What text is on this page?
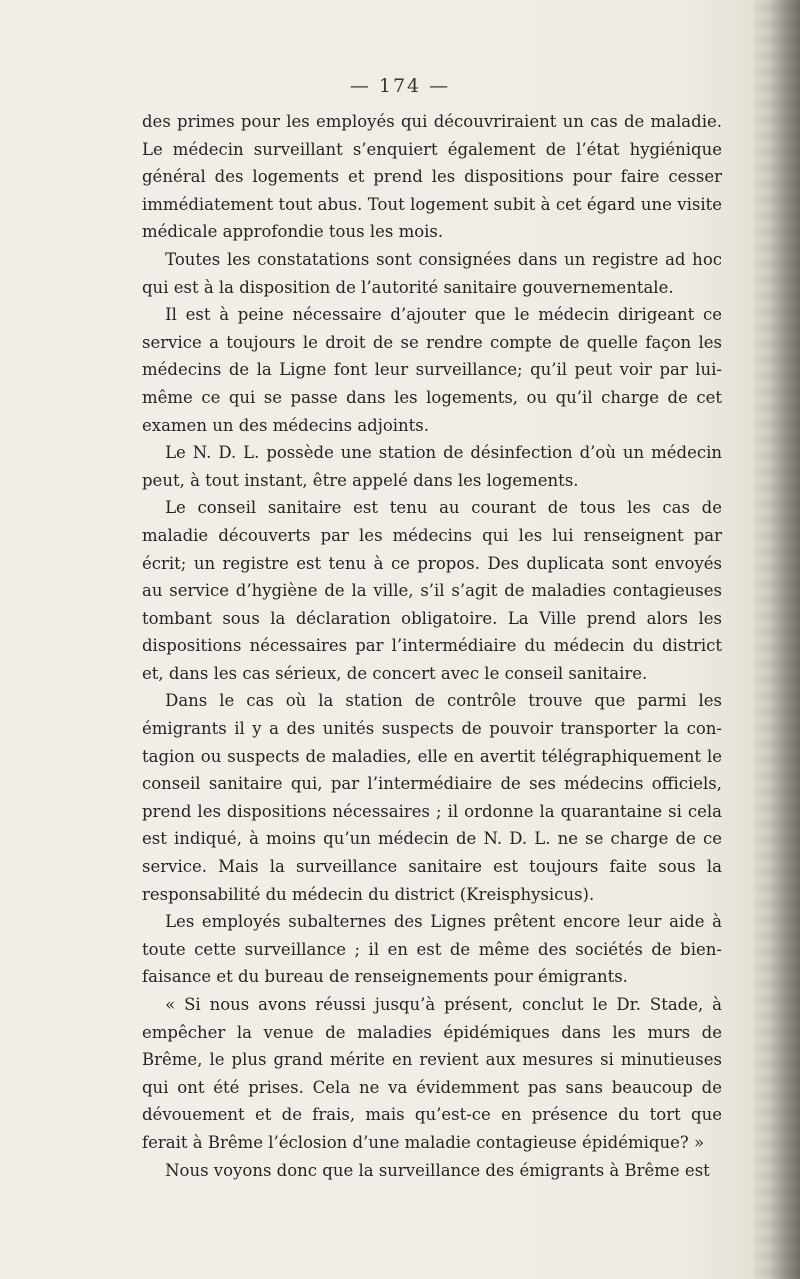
— 174 —

des primes pour les employés qui découvriraient un cas de maladie. Le médecin surveillant s’enquiert également de l’état hygiénique général des logements et prend les dispositions pour faire cesser immédiatement tout abus. Tout logement subit à cet égard une visite médicale approfondie tous les mois.

Toutes les constatations sont consignées dans un registre ad hoc qui est à la disposition de l’autorité sanitaire gouvernementale.

Il est à peine nécessaire d’ajouter que le médecin dirigeant ce service a toujours le droit de se rendre compte de quelle façon les médecins de la Ligne font leur surveillance; qu’il peut voir par lui-même ce qui se passe dans les logements, ou qu’il charge de cet examen un des médecins adjoints.

Le N. D. L. possède une station de désinfection d’où un médecin peut, à tout instant, être appelé dans les logements.

Le conseil sanitaire est tenu au courant de tous les cas de maladie découverts par les médecins qui les lui renseignent par écrit; un registre est tenu à ce propos. Des duplicata sont envoyés au service d’hygiène de la ville, s’il s’agit de maladies contagieuses tombant sous la déclaration obligatoire. La Ville prend alors les dispositions nécessaires par l’intermédiaire du médecin du district et, dans les cas sérieux, de concert avec le conseil sanitaire.

Dans le cas où la station de contrôle trouve que parmi les émigrants il y a des unités suspects de pouvoir transporter la contagion ou suspects de maladies, elle en avertit télégraphiquement le conseil sanitaire qui, par l’intermédiaire de ses médecins officiels, prend les dispositions nécessaires ; il ordonne la quarantaine si cela est indiqué, à moins qu’un médecin de N. D. L. ne se charge de ce service. Mais la surveillance sanitaire est toujours faite sous la responsabilité du médecin du district (Kreisphysicus).

Les employés subalternes des Lignes prêtent encore leur aide à toute cette surveillance ; il en est de même des sociétés de bienfaisance et du bureau de renseignements pour émigrants.

« Si nous avons réussi jusqu’à présent, conclut le Dr. Stade, à empêcher la venue de maladies épidémiques dans les murs de Brême, le plus grand mérite en revient aux mesures si minutieuses qui ont été prises. Cela ne va évidemment pas sans beaucoup de dévouement et de frais, mais qu’est-ce en présence du tort que ferait à Brême l’éclosion d’une maladie contagieuse épidémique? »

Nous voyons donc que la surveillance des émigrants à Brême est
